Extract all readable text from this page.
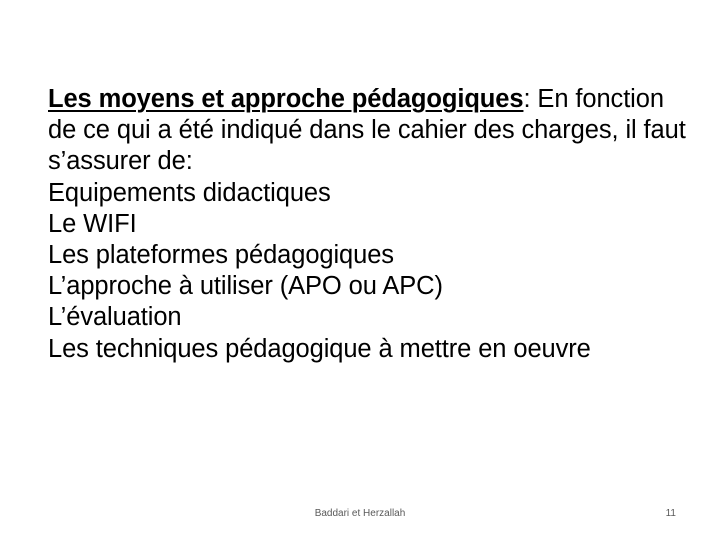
Les moyens et approche pédagogiques: En fonction de ce qui a été indiqué dans le cahier des charges, il faut s’assurer de:
Equipements didactiques
Le WIFI
Les plateformes pédagogiques
L’approche à utiliser (APO ou APC)
L’évaluation
Les techniques pédagogique à mettre en oeuvre
Baddari et Herzallah	11
